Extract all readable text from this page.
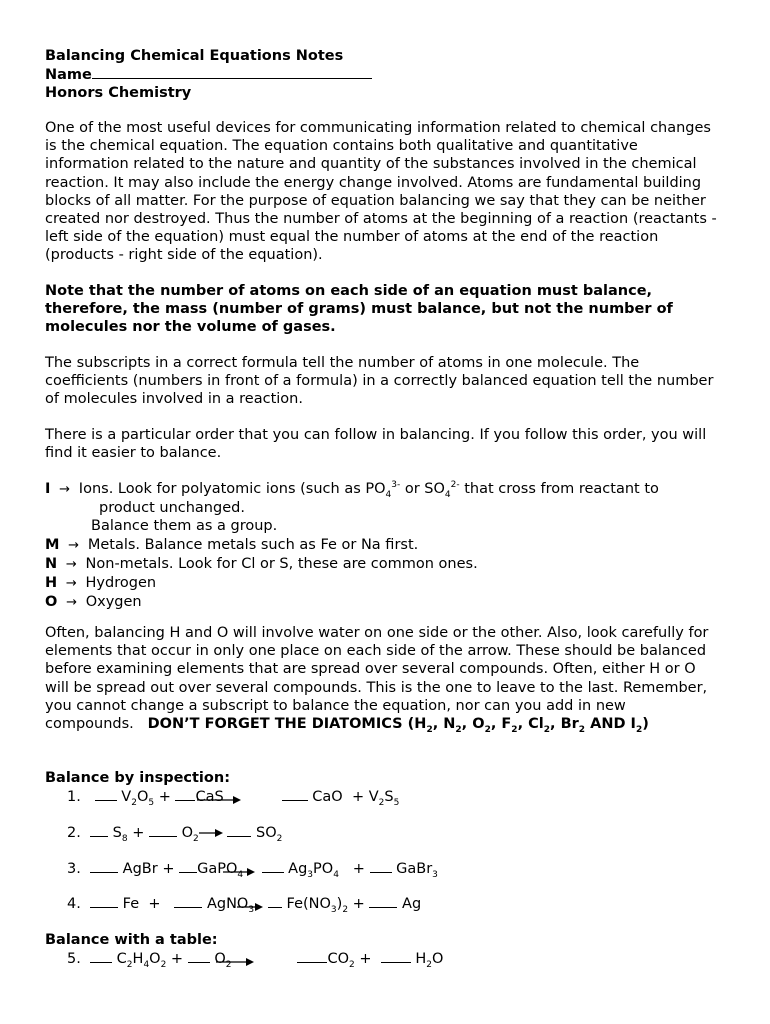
Balancing Chemical Equations Notes
Name
Honors Chemistry

One of the most useful devices for communicating information related to chemical changes is the chemical equation. The equation contains both qualitative and quantitative information related to the nature and quantity of the substances involved in the chemical reaction. It may also include the energy change involved. Atoms are fundamental building blocks of all matter. For the purpose of equation balancing we say that they can be neither created nor destroyed. Thus the number of atoms at the beginning of a reaction (reactants - left side of the equation) must equal the number of atoms at the end of the reaction (products - right side of the equation).

Note that the number of atoms on each side of an equation must balance, therefore, the mass (number of grams) must balance, but not the number of molecules nor the volume of gases.

The subscripts in a correct formula tell the number of atoms in one molecule. The coefficients (numbers in front of a formula) in a correctly balanced equation tell the number of molecules involved in a reaction.

There is a particular order that you can follow in balancing. If you follow this order, you will find it easier to balance.

I  →  Ions. Look for polyatomic ions (such as $PO_4^{3-}$ or $SO_4^{2-}$ that cross from reactant to
product unchanged.
Balance them as a group.
M  →  Metals. Balance metals such as Fe or Na first.
N  →  Non-metals. Look for Cl or S, these are common ones.
H  →  Hydrogen
O  →  Oxygen

Often, balancing H and O will involve water on one side or the other. Also, look carefully for elements that occur in only one place on each side of the arrow. These should be balanced before examining elements that are spread over several compounds. Often, either H or O will be spread out over several compounds. This is the one to leave to the last. Remember, you cannot change a subscript to balance the equation, nor can you add in new compounds. DON’T FORGET THE DIATOMICS ($H_2$, $N_2$, $O_2$, $F_2$, $Cl_2$, $Br_2$ AND $I_2$)

Balance by inspection:
1.	$V_2O_5$ + CaS	CaO + $V_2S_5$
2. $S_8 + O_2$	$SO_2$
3.	AgBr + GaPO$_4$	$Ag_3PO_4$   +  GaBr$_3$
4.	Fe  +    AgNO$_3$ $Fe(NO_3)_2 + Ag$
Balance with a table:
5. $C_2H_4O_2 + O_2$	$CO_2 + H_2O$
